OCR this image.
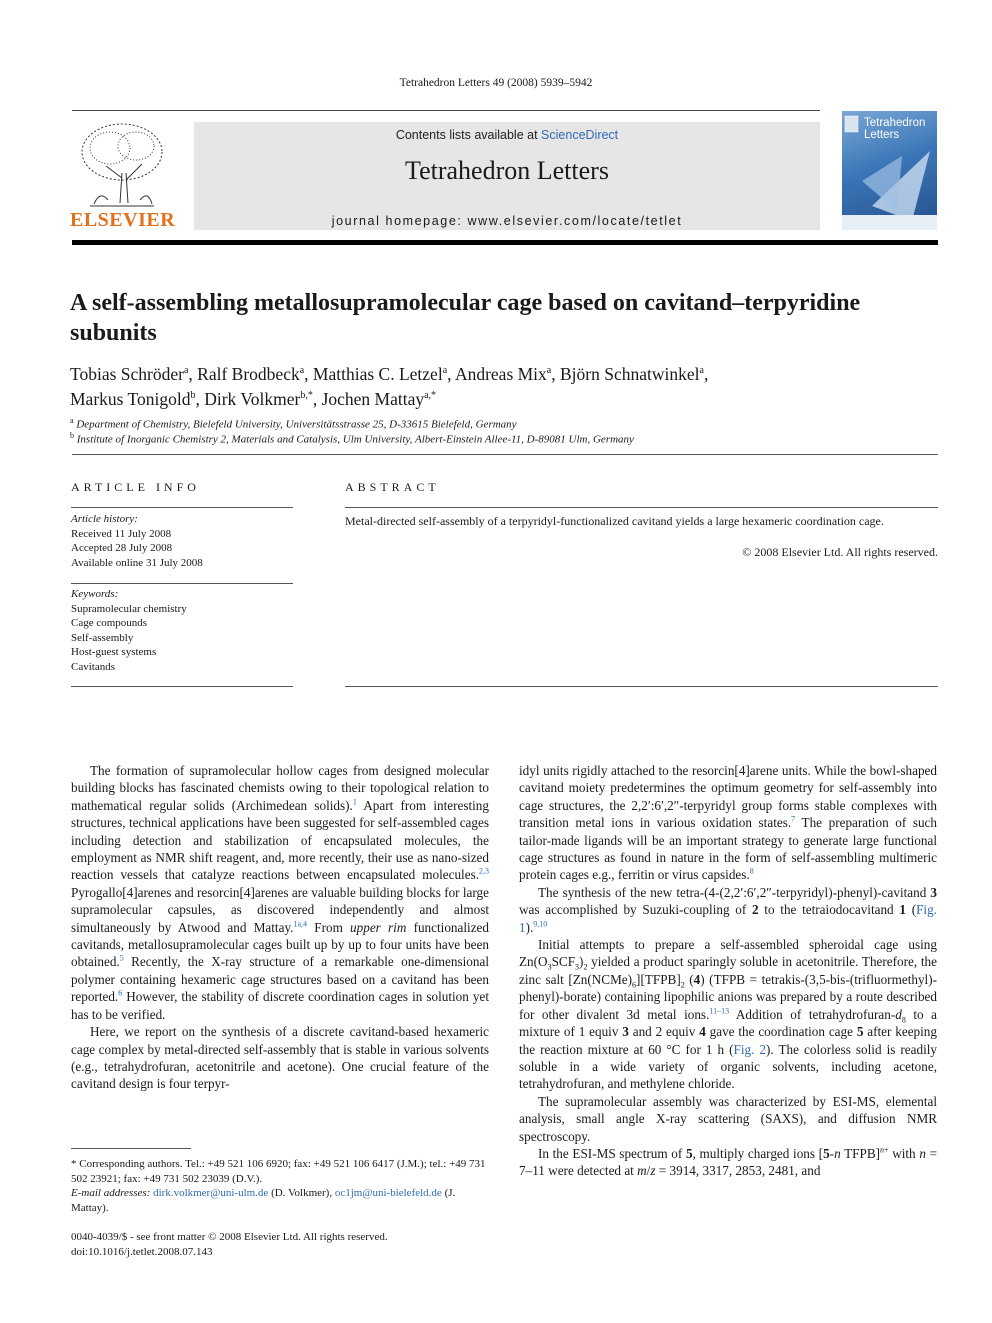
Tetrahedron Letters 49 (2008) 5939–5942
ELSEVIER
Contents lists available at ScienceDirect
Tetrahedron Letters
journal homepage: www.elsevier.com/locate/tetlet
Tetrahedron
Letters
A self-assembling metallosupramolecular cage based on cavitand–terpyridine subunits
Tobias Schröder$^a$, Ralf Brodbeck$^a$, Matthias C. Letzel$^a$, Andreas Mix$^a$, Björn Schnatwinkel$^a$,
Markus Tonigold$^b$, Dirk Volkmer$^{b,*}$, Jochen Mattay$^{a,*}$
$^a$ Department of Chemistry, Bielefeld University, Universitätsstrasse 25, D-33615 Bielefeld, Germany
$^b$ Institute of Inorganic Chemistry 2, Materials and Catalysis, Ulm University, Albert-Einstein Allee-11, D-89081 Ulm, Germany
ARTICLE INFO	ABSTRACT
Article history:
Received 11 July 2008
Accepted 28 July 2008
Available online 31 July 2008
Keywords:
Supramolecular chemistry
Cage compounds
Self-assembly
Host-guest systems
Cavitands
Metal-directed self-assembly of a terpyridyl-functionalized cavitand yields a large hexameric coordination cage.
© 2008 Elsevier Ltd. All rights reserved.

The formation of supramolecular hollow cages from designed molecular building blocks has fascinated chemists owing to their topological relation to mathematical regular solids (Archimedean solids).$^1$ Apart from interesting structures, technical applications have been suggested for self-assembled cages including detection and stabilization of encapsulated molecules, the employment as NMR shift reagent, and, more recently, their use as nano-sized reaction vessels that catalyze reactions between encapsulated molecules.$^{2,3}$ Pyrogallo[4]arenes and resorcin[4]arenes are valuable building blocks for large supramolecular capsules, as discovered independently and almost simultaneously by Atwood and Mattay.$^{1a,4}$ From upper rim functionalized cavitands, metallosupramolecular cages built up by up to four units have been obtained.$^5$ Recently, the X-ray structure of a remarkable one-dimensional polymer containing hexameric cage structures based on a cavitand has been reported.$^6$ However, the stability of discrete coordination cages in solution yet has to be verified.

Here, we report on the synthesis of a discrete cavitand-based hexameric cage complex by metal-directed self-assembly that is stable in various solvents (e.g., tetrahydrofuran, acetonitrile and acetone). One crucial feature of the cavitand design is four terpyr-

idyl units rigidly attached to the resorcin[4]arene units. While the bowl-shaped cavitand moiety predetermines the optimum geometry for self-assembly into cage structures, the 2,2′:6′,2″-terpyridyl group forms stable complexes with transition metal ions in various oxidation states.$^7$ The preparation of such tailor-made ligands will be an important strategy to generate large functional cage structures as found in nature in the form of self-assembling multimeric protein cages e.g., ferritin or virus capsides.$^8$

The synthesis of the new tetra-(4-(2,2′:6′,2″-terpyridyl)-phenyl)-cavitand 3 was accomplished by Suzuki-coupling of 2 to the tetraiodocavitand 1 (Fig. 1).$^{9,10}$

Initial attempts to prepare a self-assembled spheroidal cage using $Zn(O_3SCF_3)_2$ yielded a product sparingly soluble in acetonitrile. Therefore, the zinc salt $[Zn(NCMe)_6][TFPB]_2$ (4) (TFPB = tetrakis-(3,5-bis-(trifluormethyl)-phenyl)-borate) containing lipophilic anions was prepared by a route described for other divalent 3d metal ions.$^{11-13}$ Addition of tetrahydrofuran-$d_8$ to a mixture of 1 equiv 3 and 2 equiv 4 gave the coordination cage 5 after keeping the reaction mixture at 60 °C for 1 h (Fig. 2). The colorless solid is readily soluble in a wide variety of organic solvents, including acetone, tetrahydrofuran, and methylene chloride.

The supramolecular assembly was characterized by ESI-MS, elemental analysis, small angle X-ray scattering (SAXS), and diffusion NMR spectroscopy.

In the ESI-MS spectrum of 5, multiply charged ions [5-n TFPB]$^{n+}$ with n = 7–11 were detected at m/z = 3914, 3317, 2853, 2481, and

* Corresponding authors. Tel.: +49 521 106 6920; fax: +49 521 106 6417 (J.M.); tel.: +49 731 502 23921; fax: +49 731 502 23039 (D.V.).
E-mail addresses: dirk.volkmer@uni-ulm.de (D. Volkmer), oc1jm@uni-bielefeld.de (J. Mattay).
0040-4039/$ - see front matter © 2008 Elsevier Ltd. All rights reserved.
doi:10.1016/j.tetlet.2008.07.143
